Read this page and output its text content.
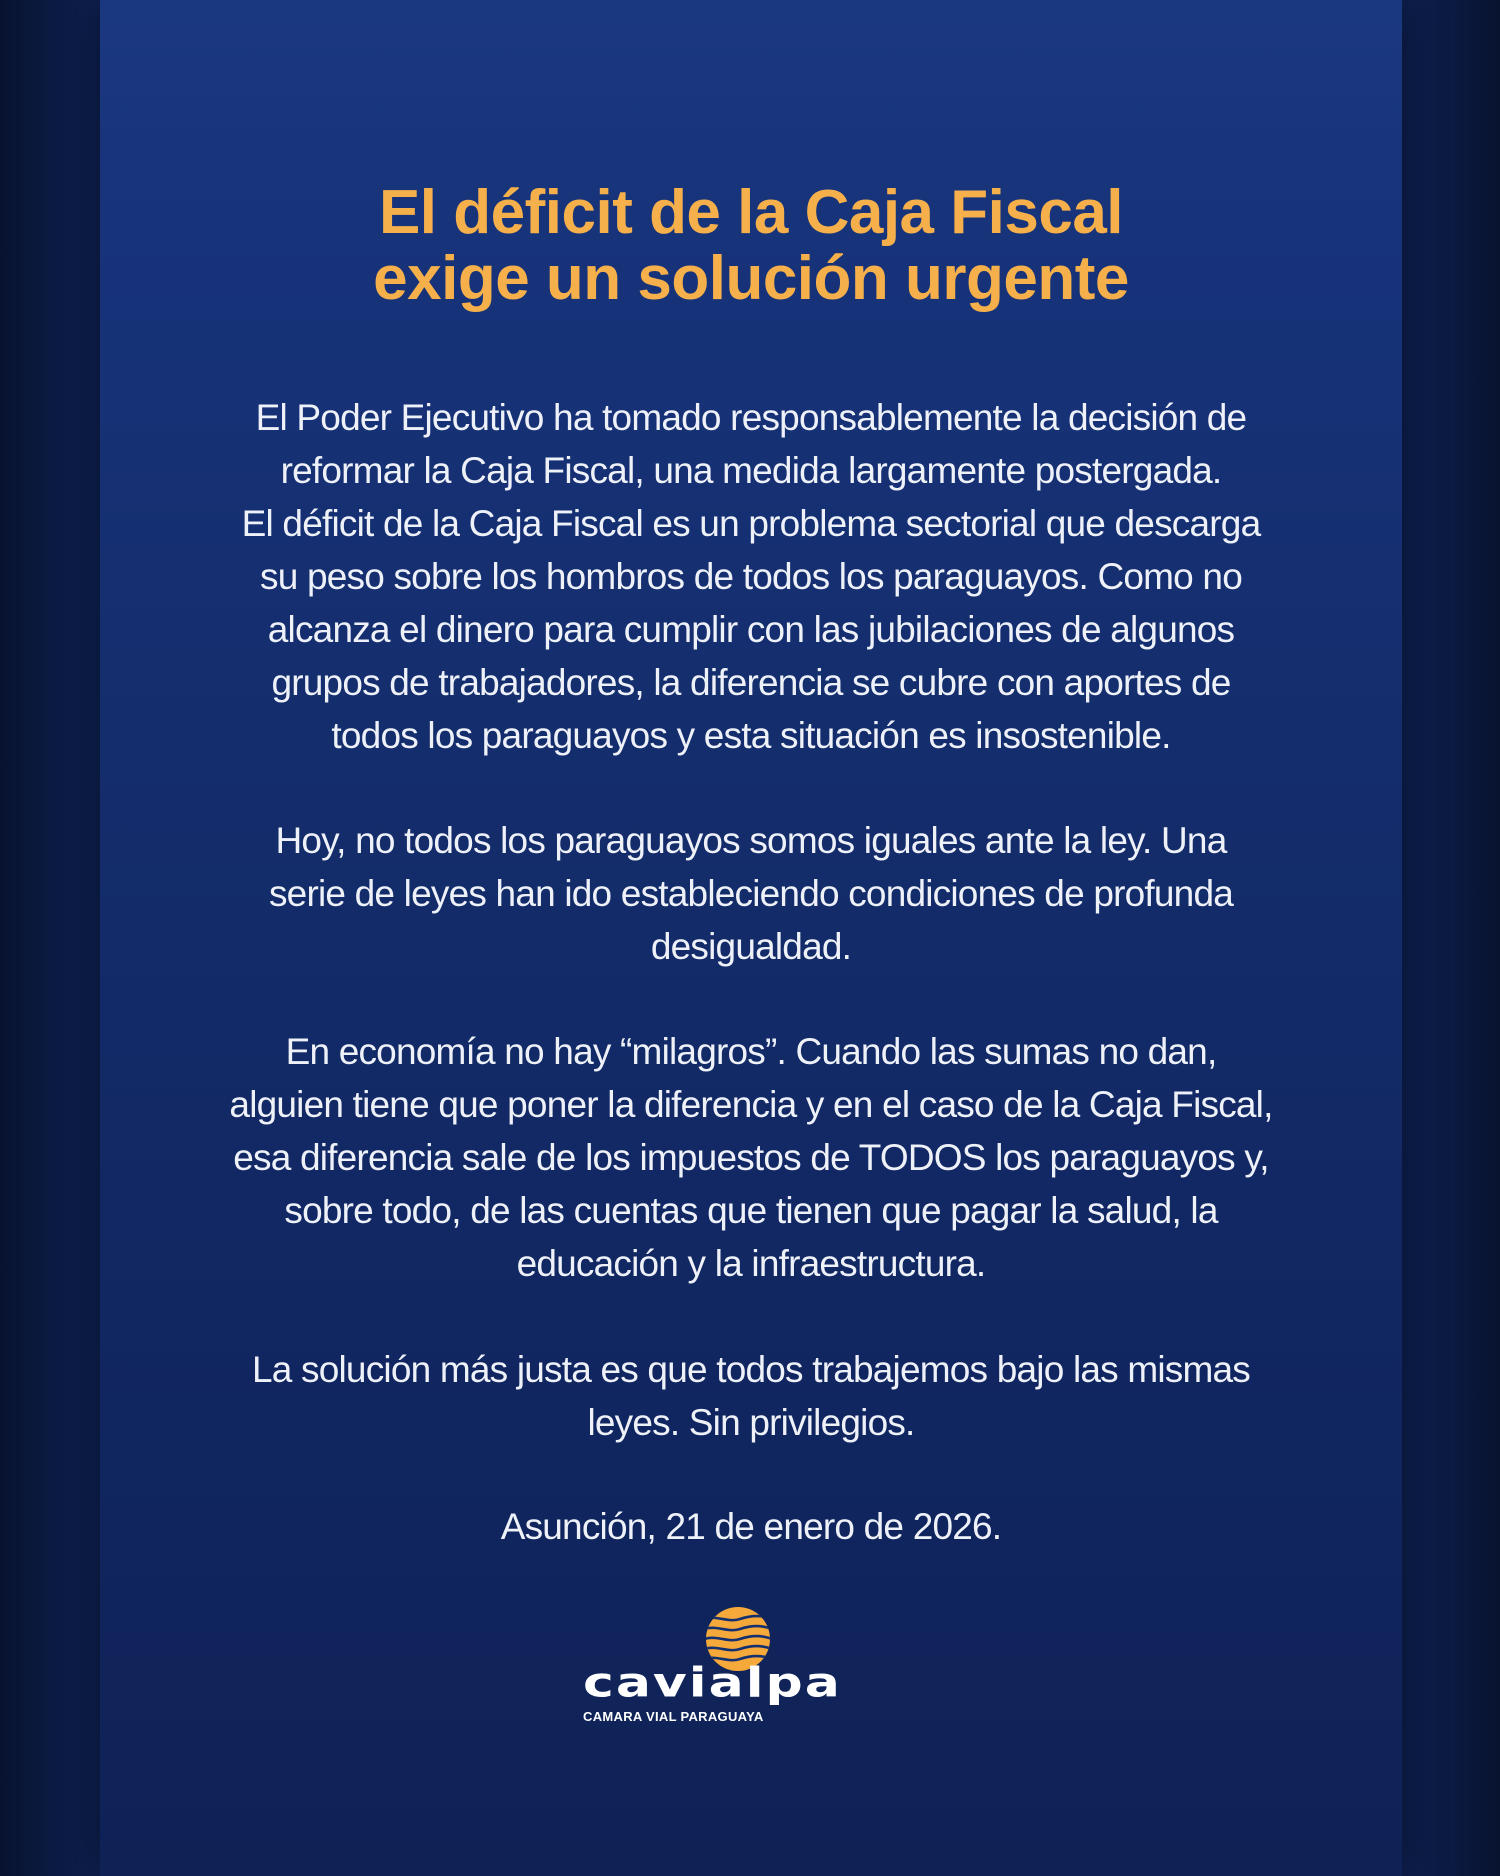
El déficit de la Caja Fiscal
exige un solución urgente
El Poder Ejecutivo ha tomado responsablemente la decisión de
reformar la Caja Fiscal, una medida largamente postergada.
El déficit de la Caja Fiscal es un problema sectorial que descarga
su peso sobre los hombros de todos los paraguayos. Como no
alcanza el dinero para cumplir con las jubilaciones de algunos
grupos de trabajadores, la diferencia se cubre con aportes de
todos los paraguayos y esta situación es insostenible.
Hoy, no todos los paraguayos somos iguales ante la ley. Una
serie de leyes han ido estableciendo condiciones de profunda
desigualdad.
En economía no hay “milagros”. Cuando las sumas no dan,
alguien tiene que poner la diferencia y en el caso de la Caja Fiscal,
esa diferencia sale de los impuestos de TODOS los paraguayos y,
sobre todo, de las cuentas que tienen que pagar la salud, la
educación y la infraestructura.
La solución más justa es que todos trabajemos bajo las mismas
leyes. Sin privilegios.
Asunción, 21 de enero de 2026.
cavialpa
CAMARA VIAL PARAGUAYA
